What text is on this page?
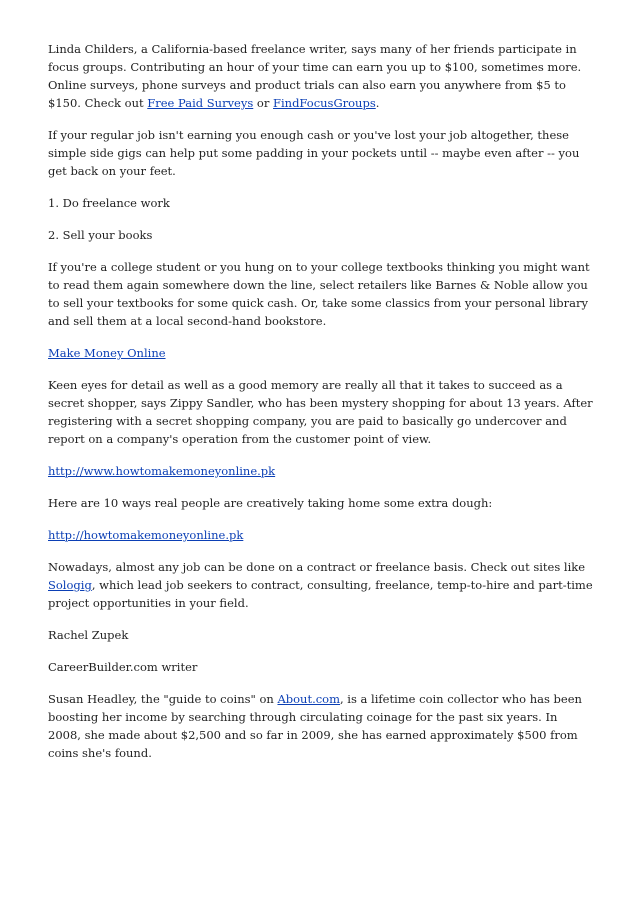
Linda Childers, a California-based freelance writer, says many of her friends participate in focus groups. Contributing an hour of your time can earn you up to $100, sometimes more. Online surveys, phone surveys and product trials can also earn you anywhere from $5 to $150. Check out Free Paid Surveys or FindFocusGroups.

If your regular job isn't earning you enough cash or you've lost your job altogether, these simple side gigs can help put some padding in your pockets until -- maybe even after -- you get back on your feet.

1. Do freelance work

2. Sell your books

If you're a college student or you hung on to your college textbooks thinking you might want to read them again somewhere down the line, select retailers like Barnes & Noble allow you to sell your textbooks for some quick cash. Or, take some classics from your personal library and sell them at a local second-hand bookstore.

Make Money Online

Keen eyes for detail as well as a good memory are really all that it takes to succeed as a secret shopper, says Zippy Sandler, who has been mystery shopping for about 13 years. After registering with a secret shopping company, you are paid to basically go undercover and report on a company's operation from the customer point of view.

http://www.howtomakemoneyonline.pk

Here are 10 ways real people are creatively taking home some extra dough:

http://howtomakemoneyonline.pk

Nowadays, almost any job can be done on a contract or freelance basis. Check out sites like Sologig, which lead job seekers to contract, consulting, freelance, temp-to-hire and part-time project opportunities in your field.

Rachel Zupek

CareerBuilder.com writer

Susan Headley, the "guide to coins" on About.com, is a lifetime coin collector who has been boosting her income by searching through circulating coinage for the past six years. In 2008, she made about $2,500 and so far in 2009, she has earned approximately $500 from coins she's found.
